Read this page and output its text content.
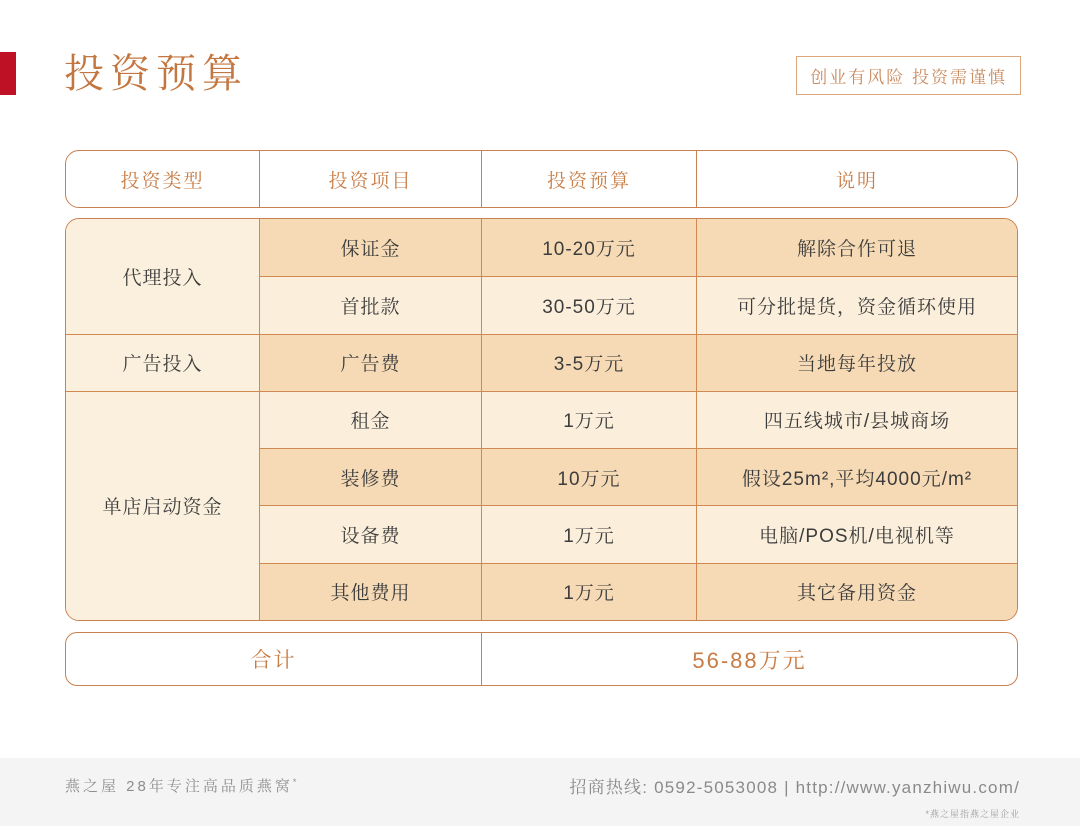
投资预算	创业有风险 投资需谨慎
投资类型	投资项目	投资预算	说明
代理投入
保证金	10-20万元	解除合作可退
首批款	30-50万元	可分批提货，资金循环使用
广告投入	广告费	3-5万元	当地每年投放
单店启动资金
租金	1万元	四五线城市/县城商场
装修费	10万元	假设25m²,平均4000元/m²
设备费	1万元	电脑/POS机/电视机等
其他费用	1万元	其它备用资金
合计	56-88万元
燕之屋 28年专注高品质燕窝*	招商热线: 0592-5053008 | http://www.yanzhiwu.com/
*燕之屋指燕之屋企业
